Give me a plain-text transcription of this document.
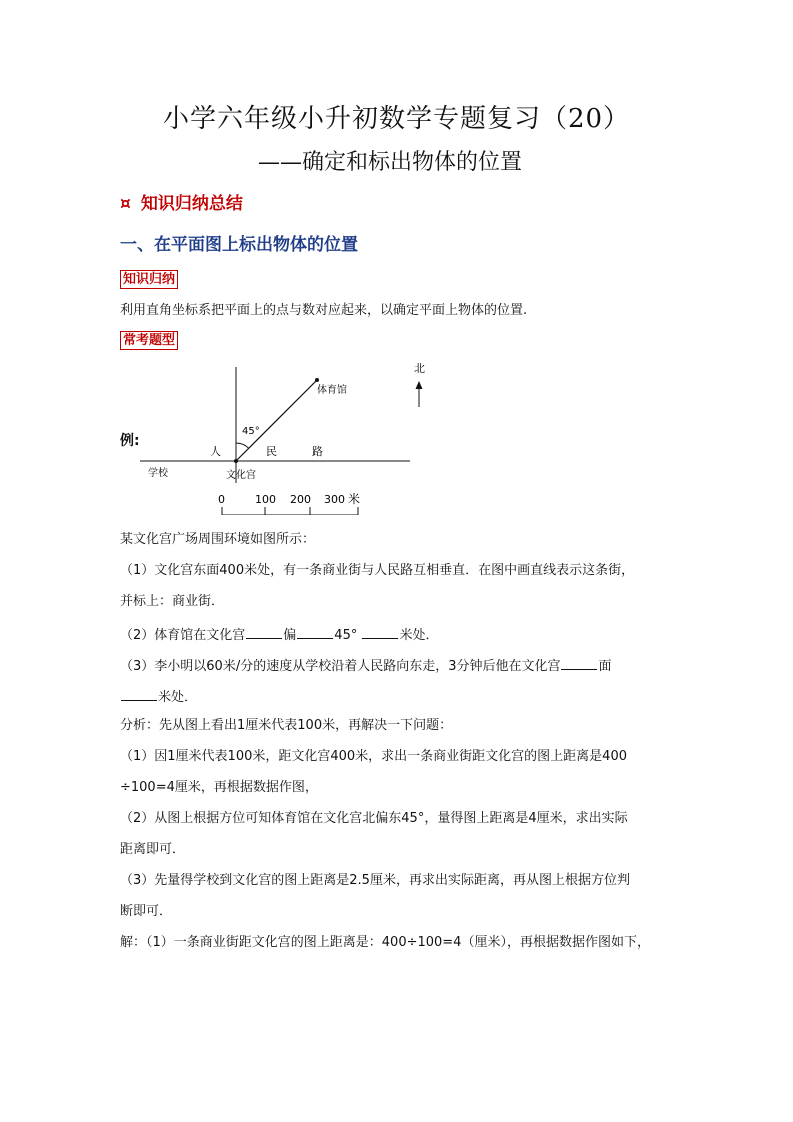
小学六年级小升初数学专题复习（20）
——确定和标出物体的位置
¤ 知识归纳总结
一、在平面图上标出物体的位置
知识归纳
利用直角坐标系把平面上的点与数对应起来，以确定平面上物体的位置.
常考题型
例:
北
体育馆
45°
人	民	路
学校	文化宫
0	100 200 300 米
某文化宫广场周围环境如图所示：
（1）文化宫东面400米处，有一条商业街与人民路互相垂直．在图中画直线表示这条街，
并标上：商业街．
（2）体育馆在文化宫	偏	45°	米处．
（3）李小明以60米/分的速度从学校沿着人民路向东走，3分钟后他在文化宫	面
米处．
分析：先从图上看出1厘米代表100米，再解决一下问题：
（1）因1厘米代表100米，距文化宫400米，求出一条商业街距文化宫的图上距离是400
÷100=4厘米，再根据数据作图，
（2）从图上根据方位可知体育馆在文化宫北偏东45°，量得图上距离是4厘米，求出实际
距离即可．
（3）先量得学校到文化宫的图上距离是2.5厘米，再求出实际距离，再从图上根据方位判
断即可．
解：（1）一条商业街距文化宫的图上距离是：400÷100=4（厘米），再根据数据作图如下，
